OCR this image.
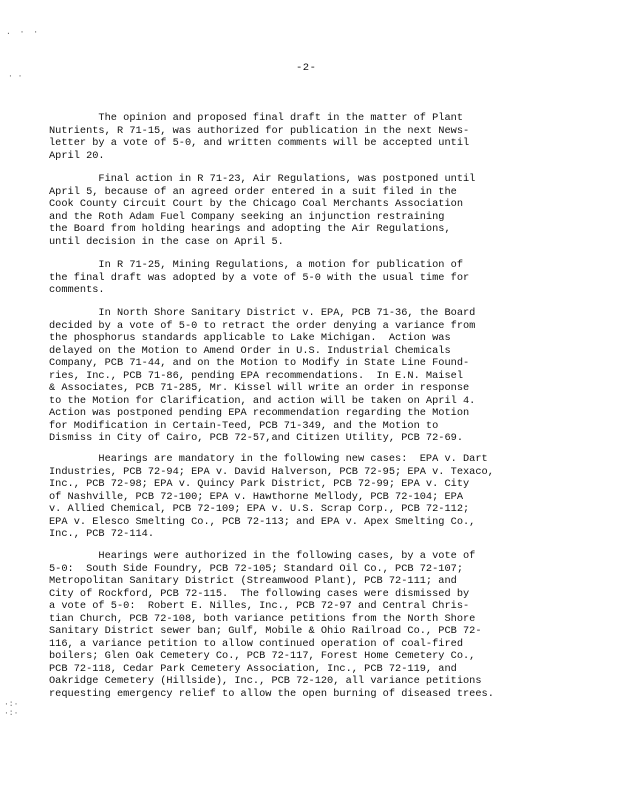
. · ·
· ·
-2-

The opinion and proposed final draft in the matter of Plant
Nutrients, R 71-15, was authorized for publication in the next News-
letter by a vote of 5-0, and written comments will be accepted until
April 20.

Final action in R 71-23, Air Regulations, was postponed until
April 5, because of an agreed order entered in a suit filed in the
Cook County Circuit Court by the Chicago Coal Merchants Association
and the Roth Adam Fuel Company seeking an injunction restraining
the Board from holding hearings and adopting the Air Regulations,
until decision in the case on April 5.

In R 71-25, Mining Regulations, a motion for publication of
the final draft was adopted by a vote of 5-0 with the usual time for
comments.

In North Shore Sanitary District v. EPA, PCB 71-36, the Board
decided by a vote of 5-0 to retract the order denying a variance from
the phosphorus standards applicable to Lake Michigan.  Action was
delayed on the Motion to Amend Order in U.S. Industrial Chemicals
Company, PCB 71-44, and on the Motion to Modify in State Line Found-
ries, Inc., PCB 71-86, pending EPA recommendations.  In E.N. Maisel
& Associates, PCB 71-285, Mr. Kissel will write an order in response
to the Motion for Clarification, and action will be taken on April 4.
Action was postponed pending EPA recommendation regarding the Motion
for Modification in Certain-Teed, PCB 71-349, and the Motion to
Dismiss in City of Cairo, PCB 72-57,and Citizen Utility, PCB 72-69.

Hearings are mandatory in the following new cases:  EPA v. Dart
Industries, PCB 72-94; EPA v. David Halverson, PCB 72-95; EPA v. Texaco,
Inc., PCB 72-98; EPA v. Quincy Park District, PCB 72-99; EPA v. City
of Nashville, PCB 72-100; EPA v. Hawthorne Mellody, PCB 72-104; EPA
v. Allied Chemical, PCB 72-109; EPA v. U.S. Scrap Corp., PCB 72-112;
EPA v. Elesco Smelting Co., PCB 72-113; and EPA v. Apex Smelting Co.,
Inc., PCB 72-114.

Hearings were authorized in the following cases, by a vote of
5-0:  South Side Foundry, PCB 72-105; Standard Oil Co., PCB 72-107;
Metropolitan Sanitary District (Streamwood Plant), PCB 72-111; and
City of Rockford, PCB 72-115.  The following cases were dismissed by
a vote of 5-0:  Robert E. Nilles, Inc., PCB 72-97 and Central Chris-
tian Church, PCB 72-108, both variance petitions from the North Shore
Sanitary District sewer ban; Gulf, Mobile & Ohio Railroad Co., PCB 72-
116, a variance petition to allow continued operation of coal-fired
boilers; Glen Oak Cemetery Co., PCB 72-117, Forest Home Cemetery Co.,
PCB 72-118, Cedar Park Cemetery Association, Inc., PCB 72-119, and
Oakridge Cemetery (Hillside), Inc., PCB 72-120, all variance petitions
requesting emergency relief to allow the open burning of diseased trees.

·:·
·:·
